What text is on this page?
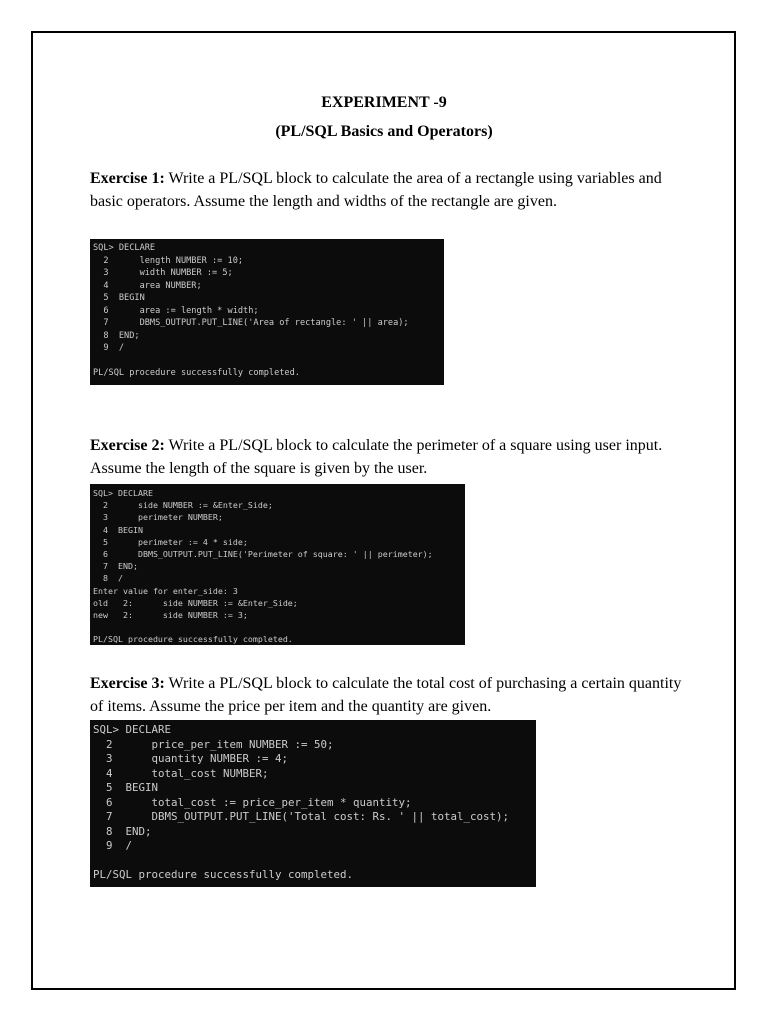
EXPERIMENT -9
(PL/SQL Basics and Operators)
Exercise 1: Write a PL/SQL block to calculate the area of a rectangle using variables and basic operators. Assume the length and widths of the rectangle are given.
SQL> DECLARE
2      length NUMBER := 10;
3      width NUMBER := 5;
4      area NUMBER;
5  BEGIN
6      area := length * width;
7      DBMS_OUTPUT.PUT_LINE('Area of rectangle: ' || area);
8  END;
9  /

PL/SQL procedure successfully completed.
Exercise 2: Write a PL/SQL block to calculate the perimeter of a square using user input. Assume the length of the square is given by the user.
SQL> DECLARE
2      side NUMBER := &Enter_Side;
3      perimeter NUMBER;
4  BEGIN
5      perimeter := 4 * side;
6      DBMS_OUTPUT.PUT_LINE('Perimeter of square: ' || perimeter);
7  END;
8  /
Enter value for enter_side: 3
old   2:      side NUMBER := &Enter_Side;
new   2:      side NUMBER := 3;

PL/SQL procedure successfully completed.
Exercise 3: Write a PL/SQL block to calculate the total cost of purchasing a certain quantity of items. Assume the price per item and the quantity are given.
SQL> DECLARE
2      price_per_item NUMBER := 50;
3      quantity NUMBER := 4;
4      total_cost NUMBER;
5  BEGIN
6      total_cost := price_per_item * quantity;
7      DBMS_OUTPUT.PUT_LINE('Total cost: Rs. ' || total_cost);
8  END;
9  /

PL/SQL procedure successfully completed.
